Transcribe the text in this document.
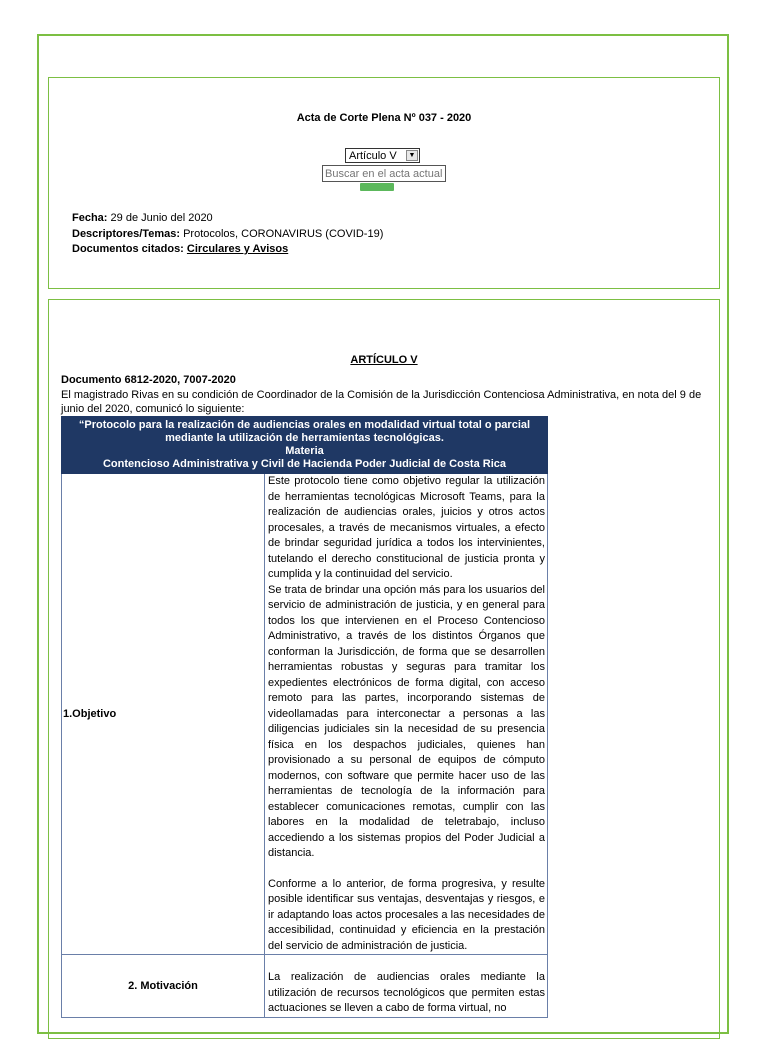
Acta de Corte Plena Nº 037 - 2020
Artículo V	▼
Buscar en el acta actual
Fecha: 29 de Junio del 2020
Descriptores/Temas: Protocolos, CORONAVIRUS (COVID-19)
Documentos citados: Circulares y Avisos
ARTÍCULO V
Documento 6812-2020, 7007-2020
El magistrado Rivas en su condición de Coordinador de la Comisión de la Jurisdicción Contenciosa Administrativa, en nota del 9 de junio del 2020, comunicó lo siguiente:
“Protocolo para la realización de audiencias orales en modalidad virtual total o parcial mediante la utilización de herramientas tecnológicas.
Materia
Contencioso Administrativa y Civil de Hacienda Poder Judicial de Costa Rica	

1.Objetivo	Este protocolo tiene como objetivo regular la utilización de herramientas tecnológicas Microsoft Teams, para la realización de audiencias orales, juicios y otros actos procesales, a través de mecanismos virtuales, a efecto de brindar seguridad jurídica a todos los intervinientes, tutelando el derecho constitucional de justicia pronta y cumplida y la continuidad del servicio.
Se trata de brindar una opción más para los usuarios del servicio de administración de justicia, y en general para todos los que intervienen en el Proceso Contencioso Administrativo, a través de los distintos Órganos que conforman la Jurisdicción, de forma que se desarrollen herramientas robustas y seguras para tramitar los expedientes electrónicos de forma digital, con acceso remoto para las partes, incorporando sistemas de videollamadas para interconectar a personas a las diligencias judiciales sin la necesidad de su presencia física en los despachos judiciales, quienes han provisionado a su personal de equipos de cómputo modernos, con software que permite hacer uso de las herramientas de tecnología de la información para establecer comunicaciones remotas, cumplir con las labores en la modalidad de teletrabajo, incluso accediendo a los sistemas propios del Poder Judicial a distancia.
Conforme a lo anterior, de forma progresiva, y resulte posible identificar sus ventajas, desventajas y riesgos, e ir adaptando loas actos procesales a las necesidades de accesibilidad, continuidad y eficiencia en la prestación del servicio de administración de justicia.

2. Motivación	La realización de audiencias orales mediante la utilización de recursos tecnológicos que permiten estas actuaciones se lleven a cabo de forma virtual, no
